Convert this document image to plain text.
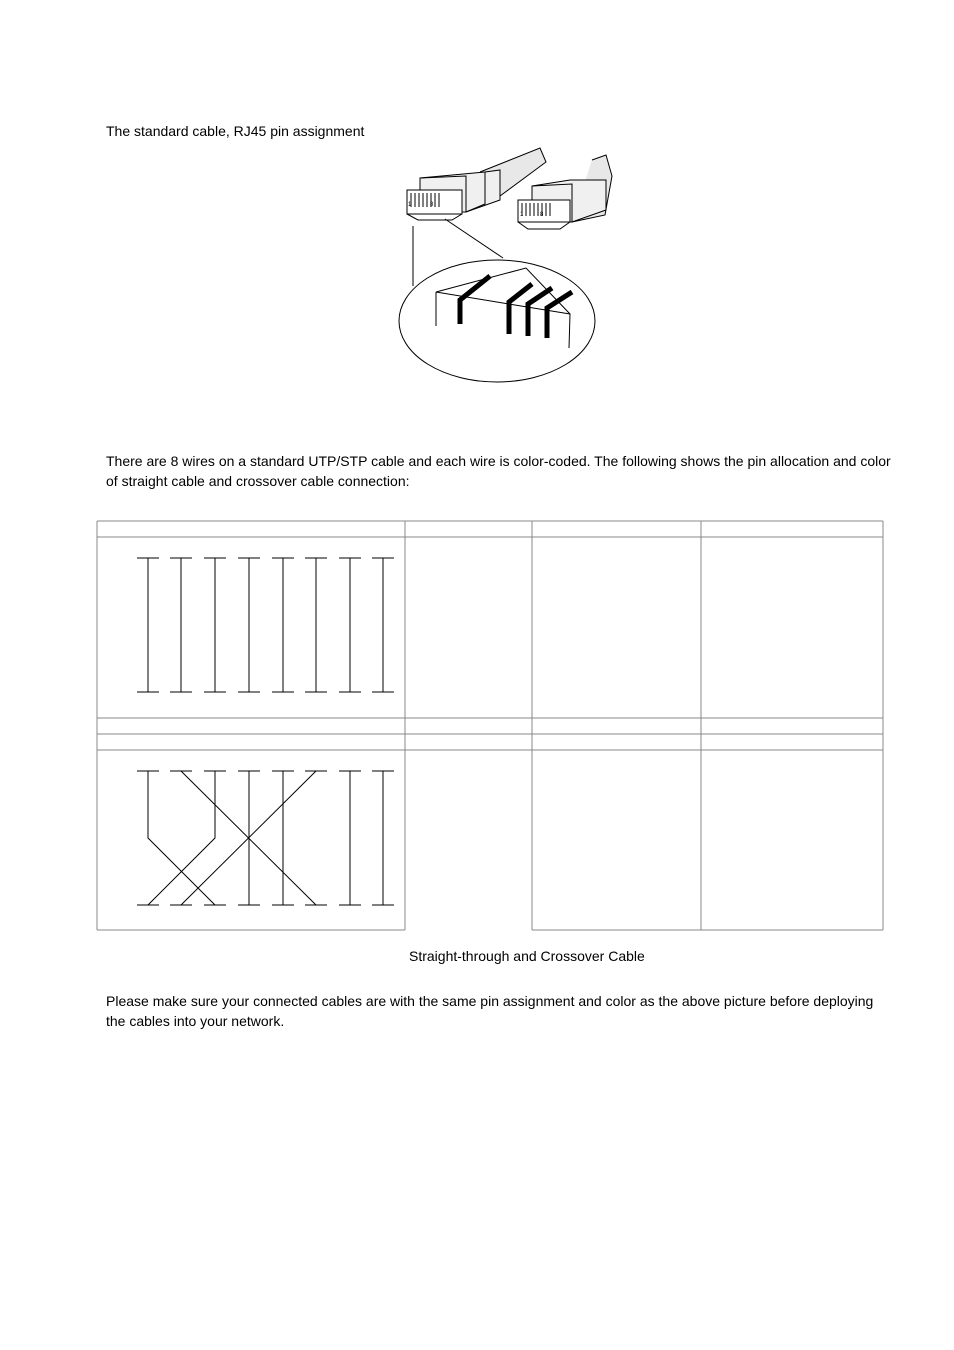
The standard cable, RJ45 pin assignment
1	8
1	8
There are 8 wires on a standard UTP/STP cable and each wire is color-coded. The following shows the pin allocation and color of straight cable and crossover cable connection:
Straight-through and Crossover Cable
Please make sure your connected cables are with the same pin assignment and color as the above picture before deploying the cables into your network.
